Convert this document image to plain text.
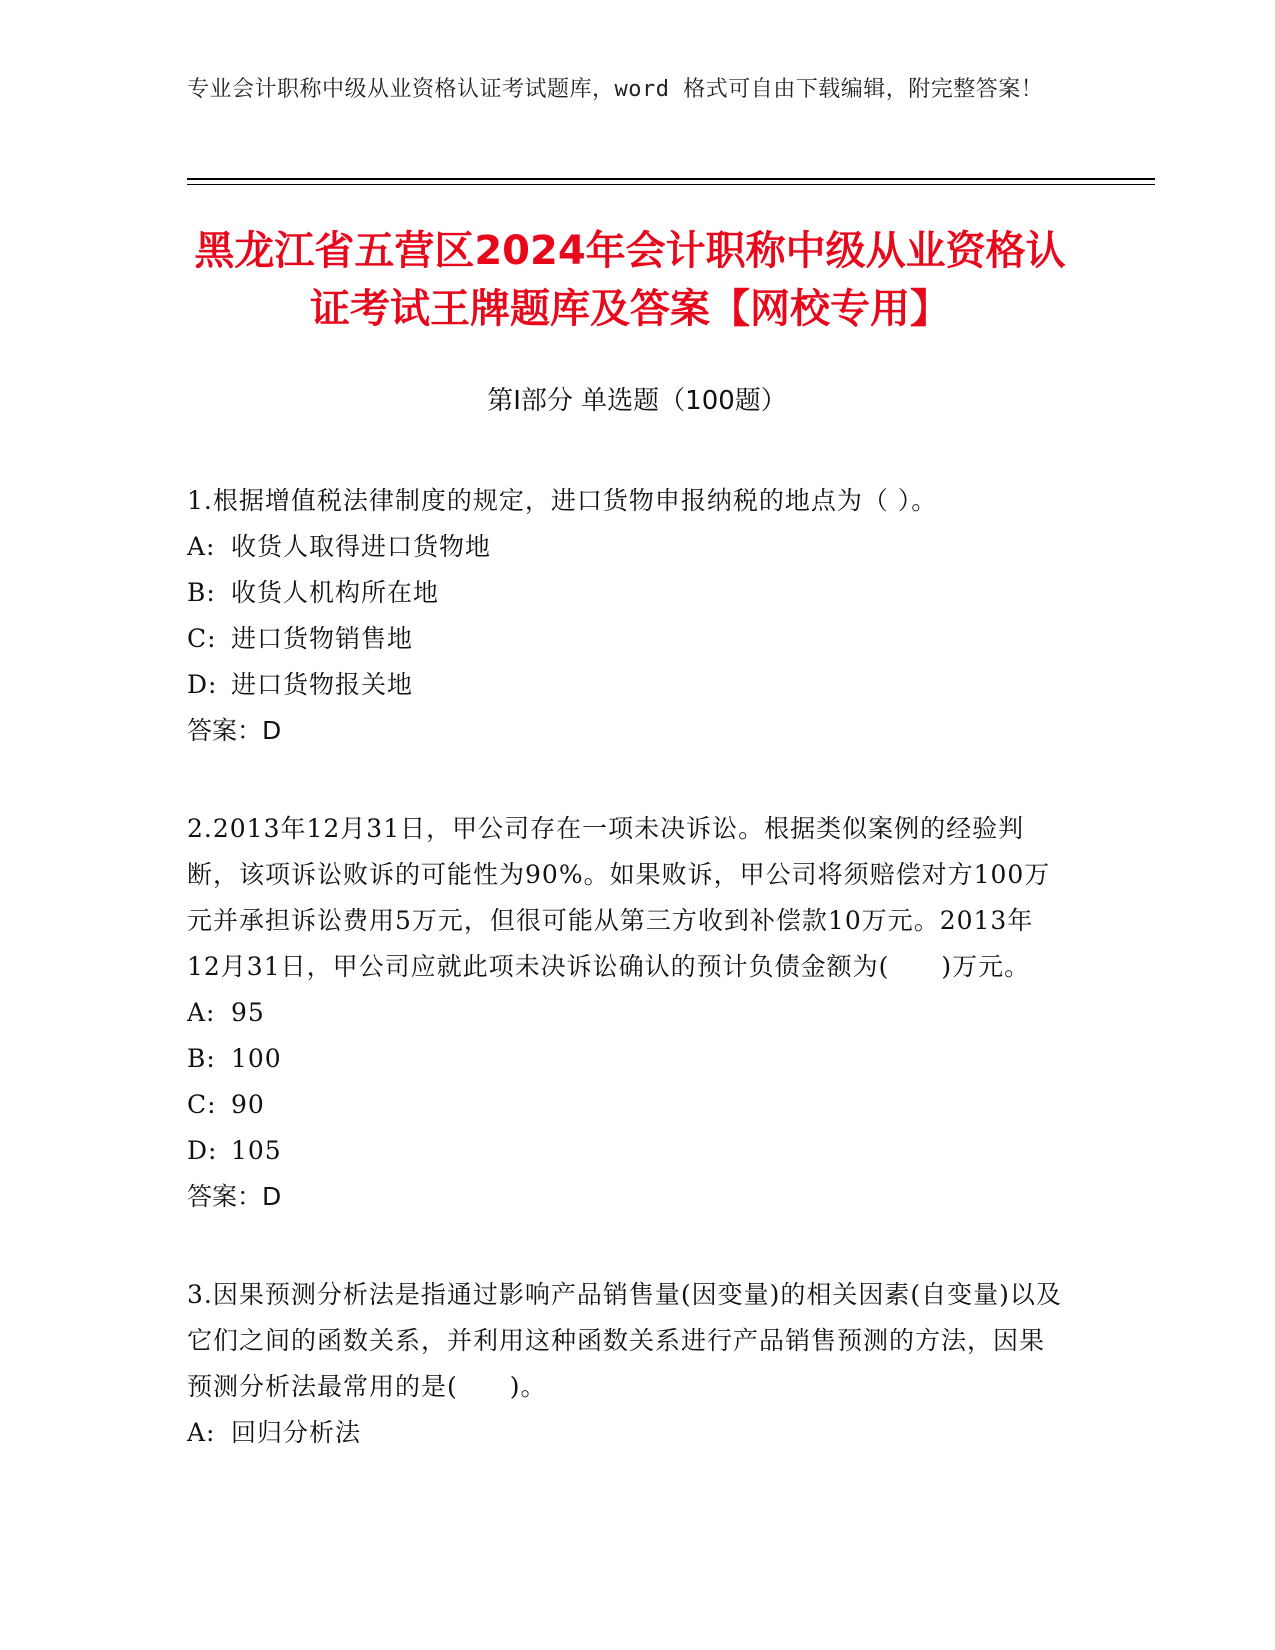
专业会计职称中级从业资格认证考试题库，word 格式可自由下载编辑，附完整答案！
黑龙江省五营区2024年会计职称中级从业资格认证考试王牌题库及答案【网校专用】
第Ⅰ部分 单选题（100题）

1.根据增值税法律制度的规定，进口货物申报纳税的地点为（ ）。

A: 收货人取得进口货物地

B: 收货人机构所在地

C: 进口货物销售地

D: 进口货物报关地

答案：D

2.2013年12月31日，甲公司存在一项未决诉讼。根据类似案例的经验判断，该项诉讼败诉的可能性为90%。如果败诉，甲公司将须赔偿对方100万元并承担诉讼费用5万元，但很可能从第三方收到补偿款10万元。2013年12月31日，甲公司应就此项未决诉讼确认的预计负债金额为(　　)万元。

A: 95

B: 100

C: 90

D: 105

答案：D

3.因果预测分析法是指通过影响产品销售量(因变量)的相关因素(自变量)以及它们之间的函数关系，并利用这种函数关系进行产品销售预测的方法，因果预测分析法最常用的是(　　)。

A: 回归分析法
